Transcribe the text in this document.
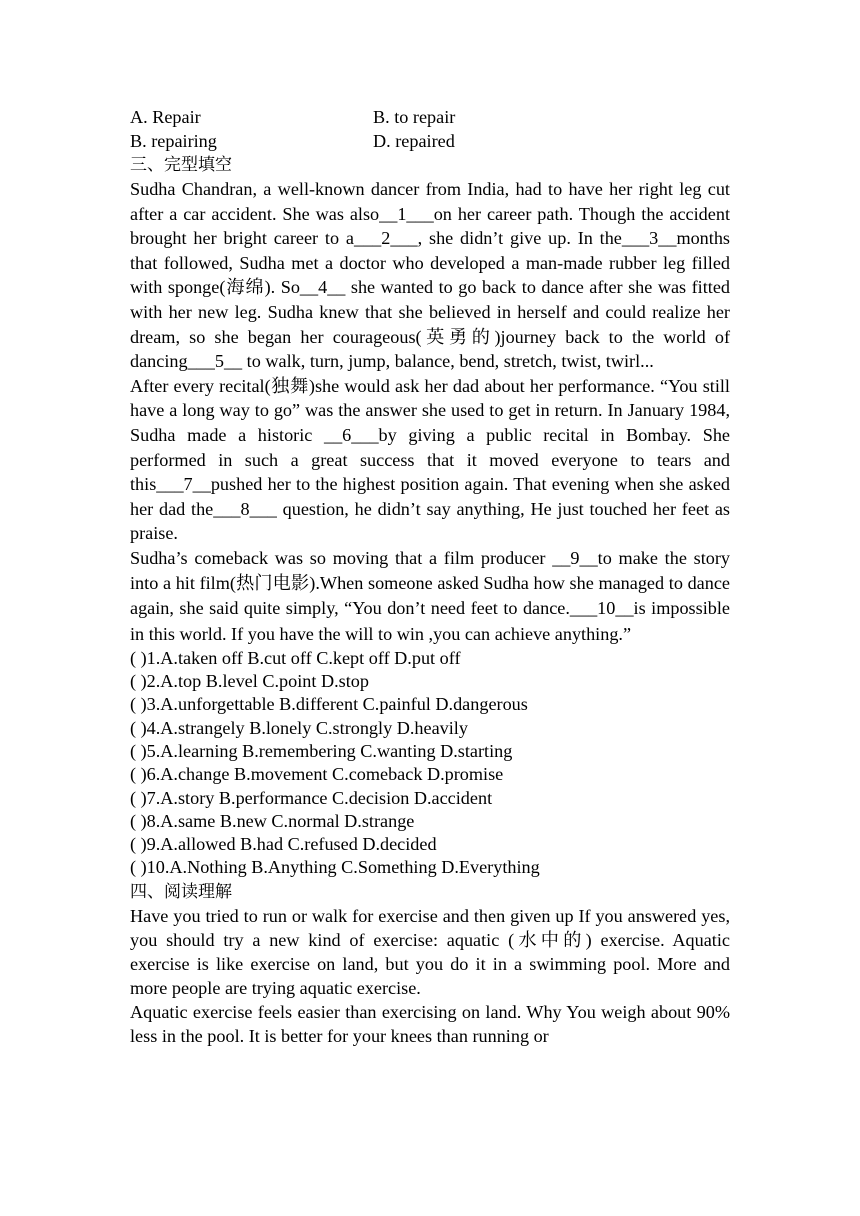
A. Repair	B. to repair
B. repairing	D. repaired

三、完型填空

Sudha Chandran, a well-known dancer from India, had to have her right leg cut after a car accident. She was also__1___on her career path. Though the accident brought her bright career to a___2___, she didn’t give up. In the___3__months that followed, Sudha met a doctor who developed a man-made rubber leg filled with sponge(海绵). So__4__ she wanted to go back to dance after she was fitted with her new leg. Sudha knew that she believed in herself and could realize her dream, so she began her courageous(英勇的)journey back to the world of dancing___5__ to walk, turn, jump, balance, bend, stretch, twist, twirl...

After every recital(独舞)she would ask her dad about her performance. “You still have a long way to go” was the answer she used to get in return. In January 1984, Sudha made a historic __6___by giving a public recital in Bombay. She performed in such a great success that it moved everyone to tears and this___7__pushed her to the highest position again. That evening when she asked her dad the___8___ question, he didn’t say anything, He just touched her feet as praise.

Sudha’s comeback was so moving that a film producer __9__to make the story into a hit film(热门电影).When someone asked Sudha how she managed to dance again, she said quite simply, “You don’t need feet to dance.___10__is impossible in this world. If you have the will to win ,you can achieve anything.”

( )1.A.taken off B.cut off C.kept off D.put off

( )2.A.top B.level C.point D.stop

( )3.A.unforgettable B.different C.painful D.dangerous

( )4.A.strangely B.lonely C.strongly D.heavily

( )5.A.learning B.remembering C.wanting D.starting

( )6.A.change B.movement C.comeback D.promise

( )7.A.story B.performance C.decision D.accident

( )8.A.same B.new C.normal D.strange

( )9.A.allowed B.had C.refused D.decided

( )10.A.Nothing B.Anything C.Something D.Everything

四、阅读理解

Have you tried to run or walk for exercise and then given up If you answered yes, you should try a new kind of exercise: aquatic (水中的) exercise. Aquatic exercise is like exercise on land, but you do it in a swimming pool. More and more people are trying aquatic exercise.

Aquatic exercise feels easier than exercising on land. Why You weigh about 90% less in the pool. It is better for your knees than running or
